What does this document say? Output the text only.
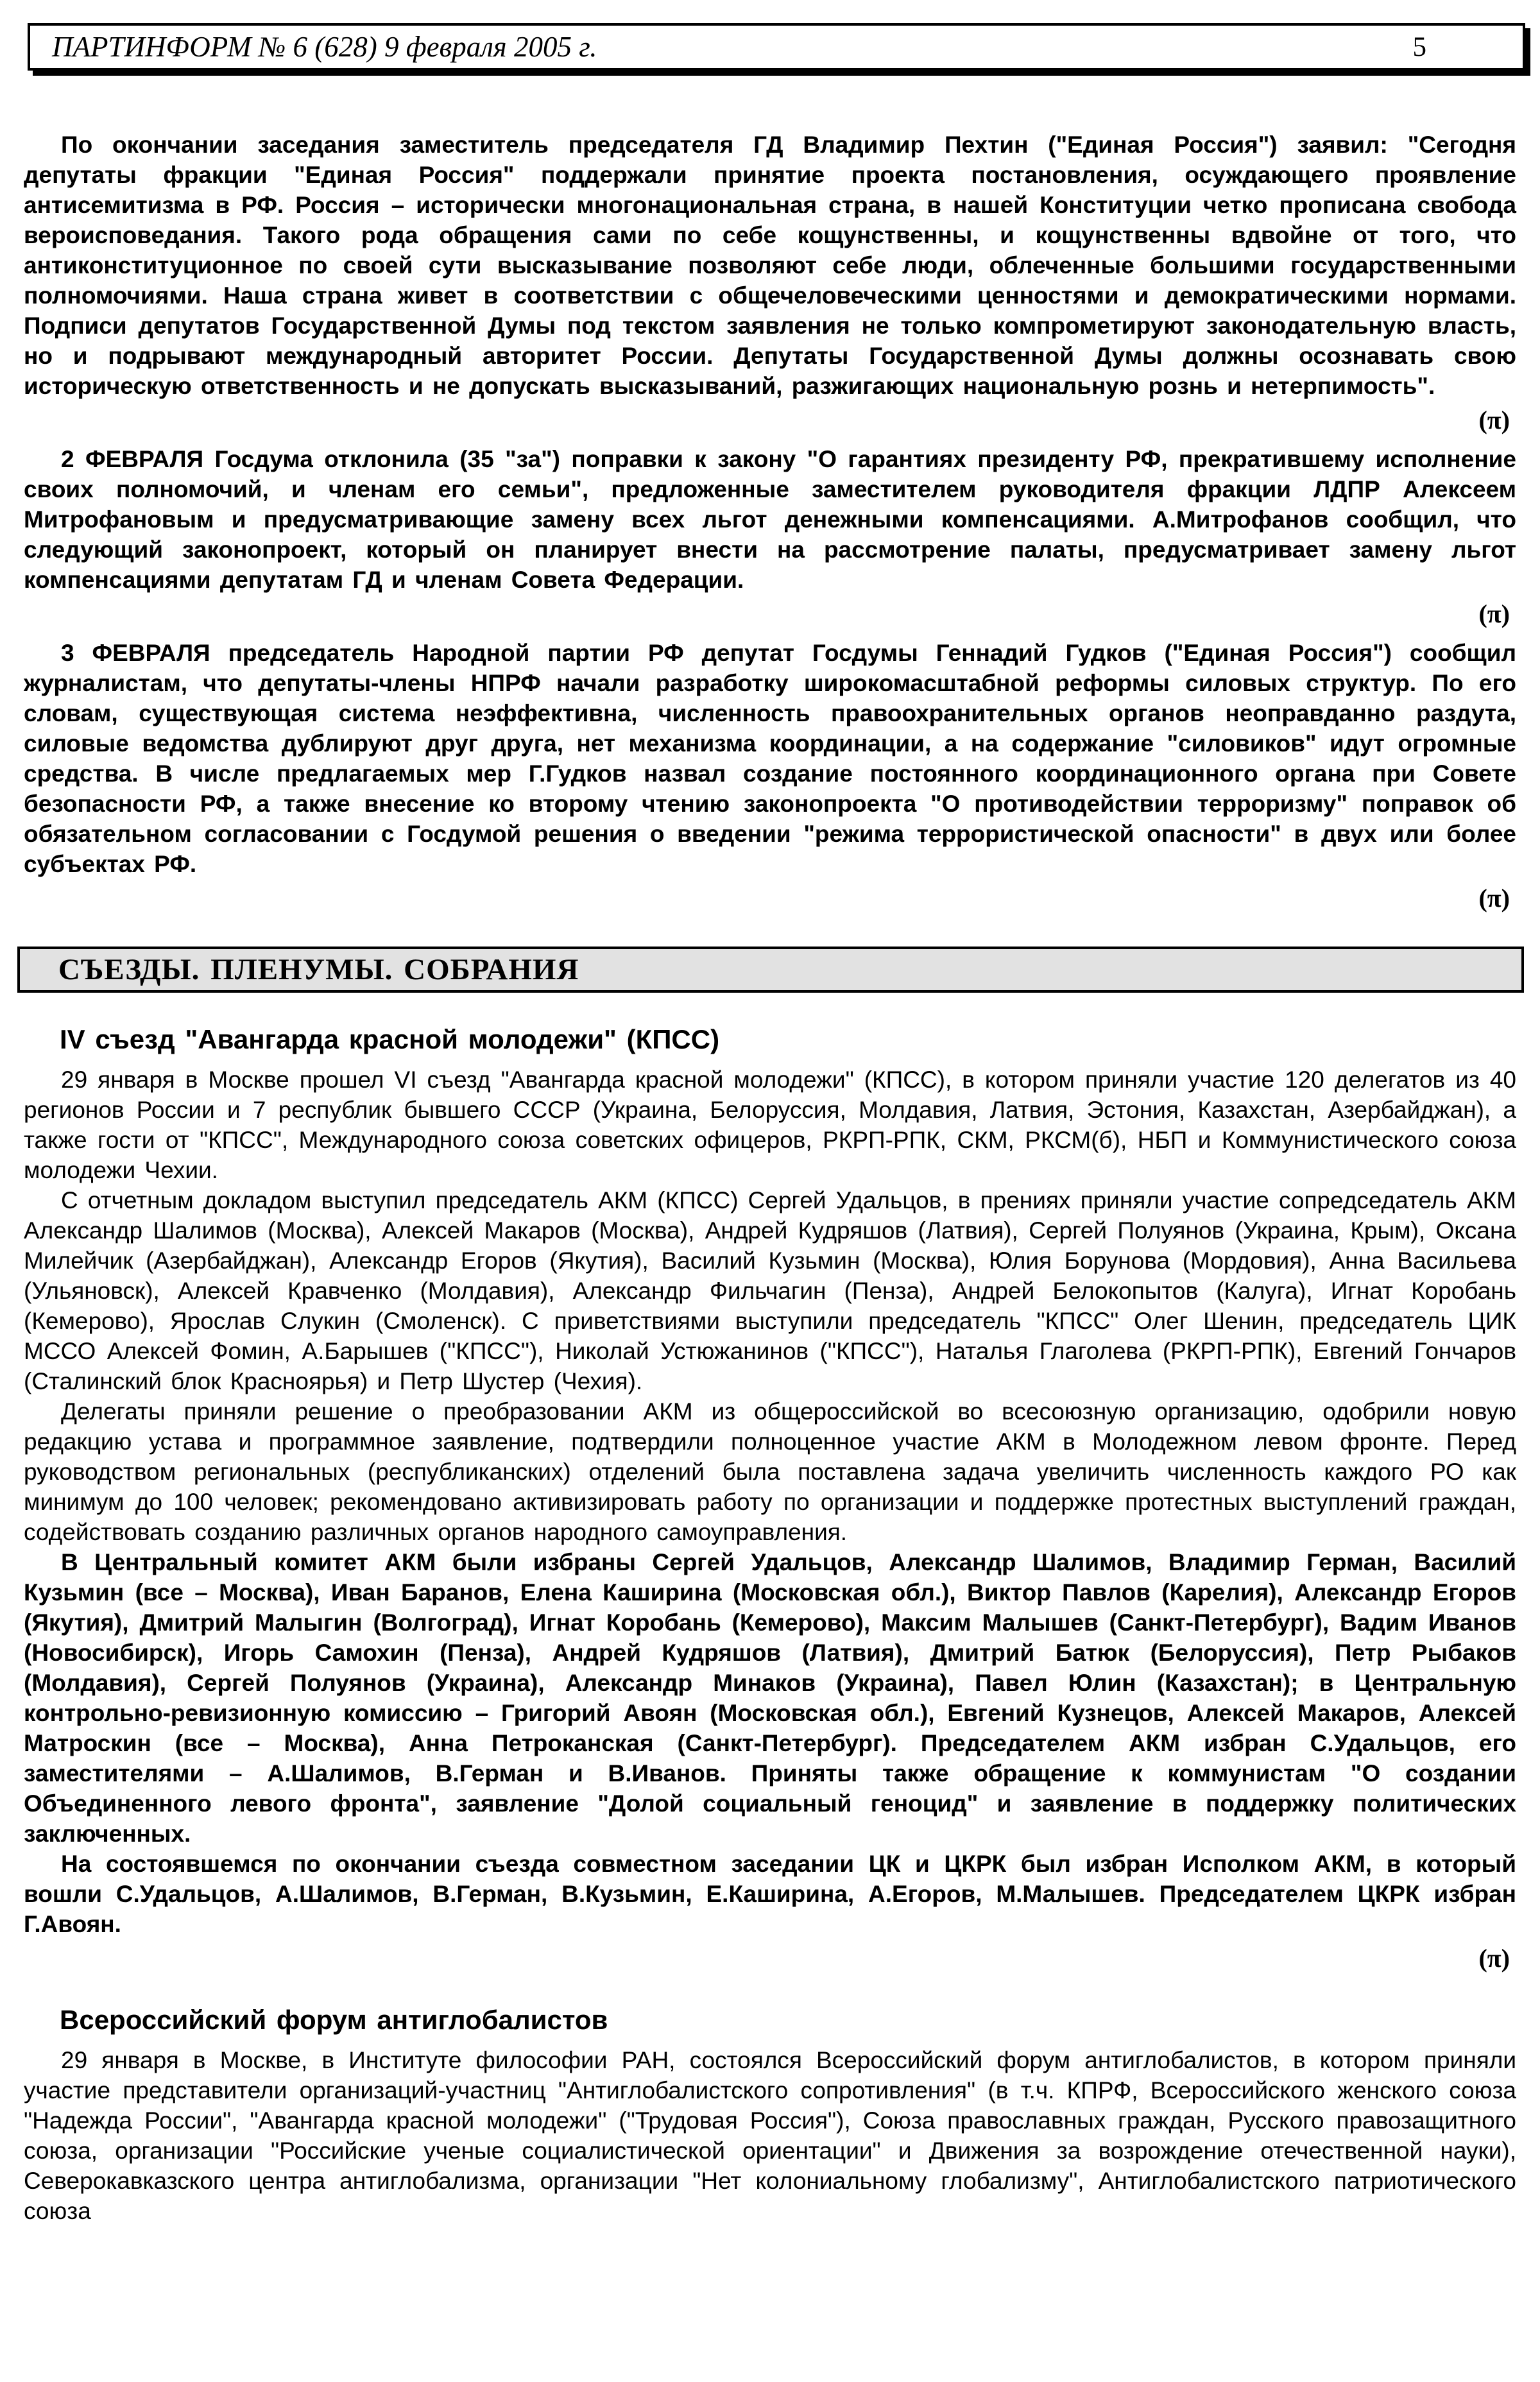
ПАРТИНФОРМ № 6 (628) 9 февраля 2005 г.	5

По окончании заседания заместитель председателя ГД Владимир Пехтин ("Единая Россия") заявил: "Сегодня депутаты фракции "Единая Россия" поддержали принятие проекта постановления, осуждающего проявление антисемитизма в РФ. Россия – исторически многонациональная страна, в нашей Конституции четко прописана свобода вероисповедания. Такого рода обращения сами по себе кощунственны, и кощунственны вдвойне от того, что антиконституционное по своей сути высказывание позволяют себе люди, облеченные большими государственными полномочиями. Наша страна живет в соответствии с общечеловеческими ценностями и демократическими нормами. Подписи депутатов Государственной Думы под текстом заявления не только компрометируют законодательную власть, но и подрывают международный авторитет России. Депутаты Государственной Думы должны осознавать свою историческую ответственность и не допускать высказываний, разжигающих национальную рознь и нетерпимость".

(π)

2 ФЕВРАЛЯ Госдума отклонила (35 "за") поправки к закону "О гарантиях президенту РФ, прекратившему исполнение своих полномочий, и членам его семьи", предложенные заместителем руководителя фракции ЛДПР Алексеем Митрофановым и предусматривающие замену всех льгот денежными компенсациями. А.Митрофанов сообщил, что следующий законопроект, который он планирует внести на рассмотрение палаты, предусматривает замену льгот компенсациями депутатам ГД и членам Совета Федерации.

(π)

3 ФЕВРАЛЯ председатель Народной партии РФ депутат Госдумы Геннадий Гудков ("Единая Россия") сообщил журналистам, что депутаты-члены НПРФ начали разработку широкомасштабной реформы силовых структур. По его словам, существующая система неэффективна, численность правоохранительных органов неоправданно раздута, силовые ведомства дублируют друг друга, нет механизма координации, а на содержание "силовиков" идут огромные средства. В числе предлагаемых мер Г.Гудков назвал создание постоянного координационного органа при Совете безопасности РФ, а также внесение ко второму чтению законопроекта "О противодействии терроризму" поправок об обязательном согласовании с Госдумой решения о введении "режима террористической опасности" в двух или более субъектах РФ.

(π)
СЪЕЗДЫ. ПЛЕНУМЫ. СОБРАНИЯ
IV съезд "Авангарда красной молодежи" (КПСС)

29 января в Москве прошел VI съезд "Авангарда красной молодежи" (КПСС), в котором приняли участие 120 делегатов из 40 регионов России и 7 республик бывшего СССР (Украина, Белоруссия, Молдавия, Латвия, Эстония, Казахстан, Азербайджан), а также гости от "КПСС", Международного союза советских офицеров, РКРП-РПК, СКМ, РКСМ(б), НБП и Коммунистического союза молодежи Чехии.

С отчетным докладом выступил председатель АКМ (КПСС) Сергей Удальцов, в прениях приняли участие сопредседатель АКМ Александр Шалимов (Москва), Алексей Макаров (Москва), Андрей Кудряшов (Латвия), Сергей Полуянов (Украина, Крым), Оксана Милейчик (Азербайджан), Александр Егоров (Якутия), Василий Кузьмин (Москва), Юлия Борунова (Мордовия), Анна Васильева (Ульяновск), Алексей Кравченко (Молдавия), Александр Фильчагин (Пенза), Андрей Белокопытов (Калуга), Игнат Коробань (Кемерово), Ярослав Слукин (Смоленск). С приветствиями выступили председатель "КПСС" Олег Шенин, председатель ЦИК МССО Алексей Фомин, А.Барышев ("КПСС"), Николай Устюжанинов ("КПСС"), Наталья Глаголева (РКРП-РПК), Евгений Гончаров (Сталинский блок Красноярья) и Петр Шустер (Чехия).

Делегаты приняли решение о преобразовании АКМ из общероссийской во всесоюзную организацию, одобрили новую редакцию устава и программное заявление, подтвердили полноценное участие АКМ в Молодежном левом фронте. Перед руководством региональных (республиканских) отделений была поставлена задача увеличить численность каждого РО как минимум до 100 человек; рекомендовано активизировать работу по организации и поддержке протестных выступлений граждан, содействовать созданию различных органов народного самоуправления.

В Центральный комитет АКМ были избраны Сергей Удальцов, Александр Шалимов, Владимир Герман, Василий Кузьмин (все – Москва), Иван Баранов, Елена Каширина (Московская обл.), Виктор Павлов (Карелия), Александр Егоров (Якутия), Дмитрий Малыгин (Волгоград), Игнат Коробань (Кемерово), Максим Малышев (Санкт-Петербург), Вадим Иванов (Новосибирск), Игорь Самохин (Пенза), Андрей Кудряшов (Латвия), Дмитрий Батюк (Белоруссия), Петр Рыбаков (Молдавия), Сергей Полуянов (Украина), Александр Минаков (Украина), Павел Юлин (Казахстан); в Центральную контрольно-ревизионную комиссию – Григорий Авоян (Московская обл.), Евгений Кузнецов, Алексей Макаров, Алексей Матроскин (все – Москва), Анна Петроканская (Санкт-Петербург). Председателем АКМ избран С.Удальцов, его заместителями – А.Шалимов, В.Герман и В.Иванов. Приняты также обращение к коммунистам "О создании Объединенного левого фронта", заявление "Долой социальный геноцид" и заявление в поддержку политических заключенных.

На состоявшемся по окончании съезда совместном заседании ЦК и ЦКРК был избран Исполком АКМ, в который вошли С.Удальцов, А.Шалимов, В.Герман, В.Кузьмин, Е.Каширина, А.Егоров, М.Малышев. Председателем ЦКРК избран Г.Авоян.

(π)
Всероссийский форум антиглобалистов

29 января в Москве, в Институте философии РАН, состоялся Всероссийский форум антиглобалистов, в котором приняли участие представители организаций-участниц "Антиглобалистского сопротивления" (в т.ч. КПРФ, Всероссийского женского союза "Надежда России", "Авангарда красной молодежи" ("Трудовая Россия"), Союза православных граждан, Русского правозащитного союза, организации "Российские ученые социалистической ориентации" и Движения за возрождение отечественной науки), Северокавказского центра антиглобализма, организации "Нет колониальному глобализму", Антиглобалистского патриотического союза
